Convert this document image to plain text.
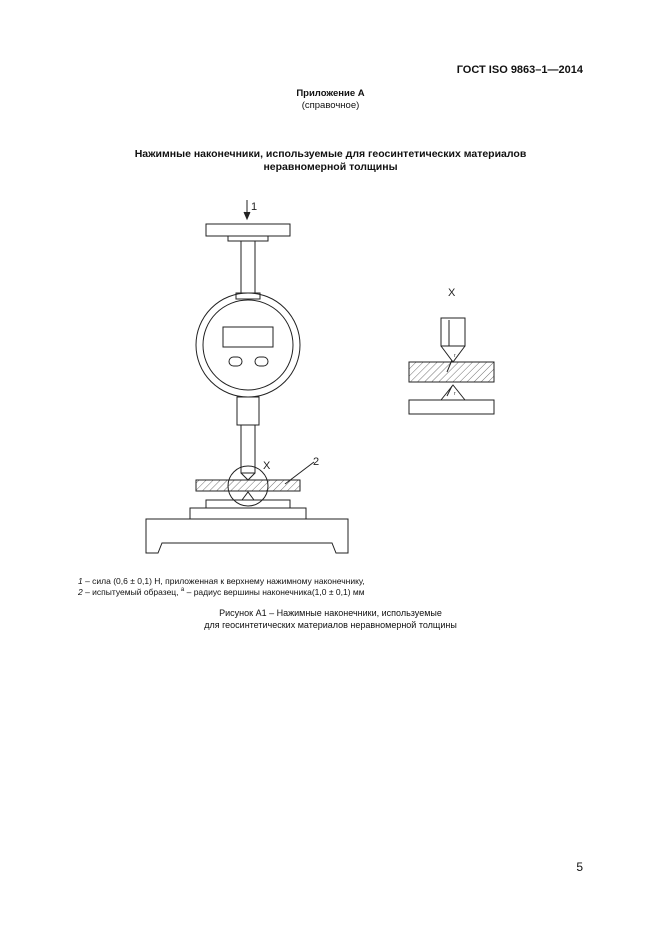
ГОСТ ISO 9863–1—2014
Приложение А
(справочное)
Нажимные наконечники, используемые для геосинтетических материалов
неравномерной толщины
1
2
X
X
r
r
1 – сила (0,6 ± 0,1) Н, приложенная к верхнему нажимному наконечнику,
2 – испытуемый образец, $^a$ – радиус вершины наконечника(1,0 ± 0,1) мм
Рисунок А1 – Нажимные наконечники, используемые
для геосинтетических материалов неравномерной толщины
5
